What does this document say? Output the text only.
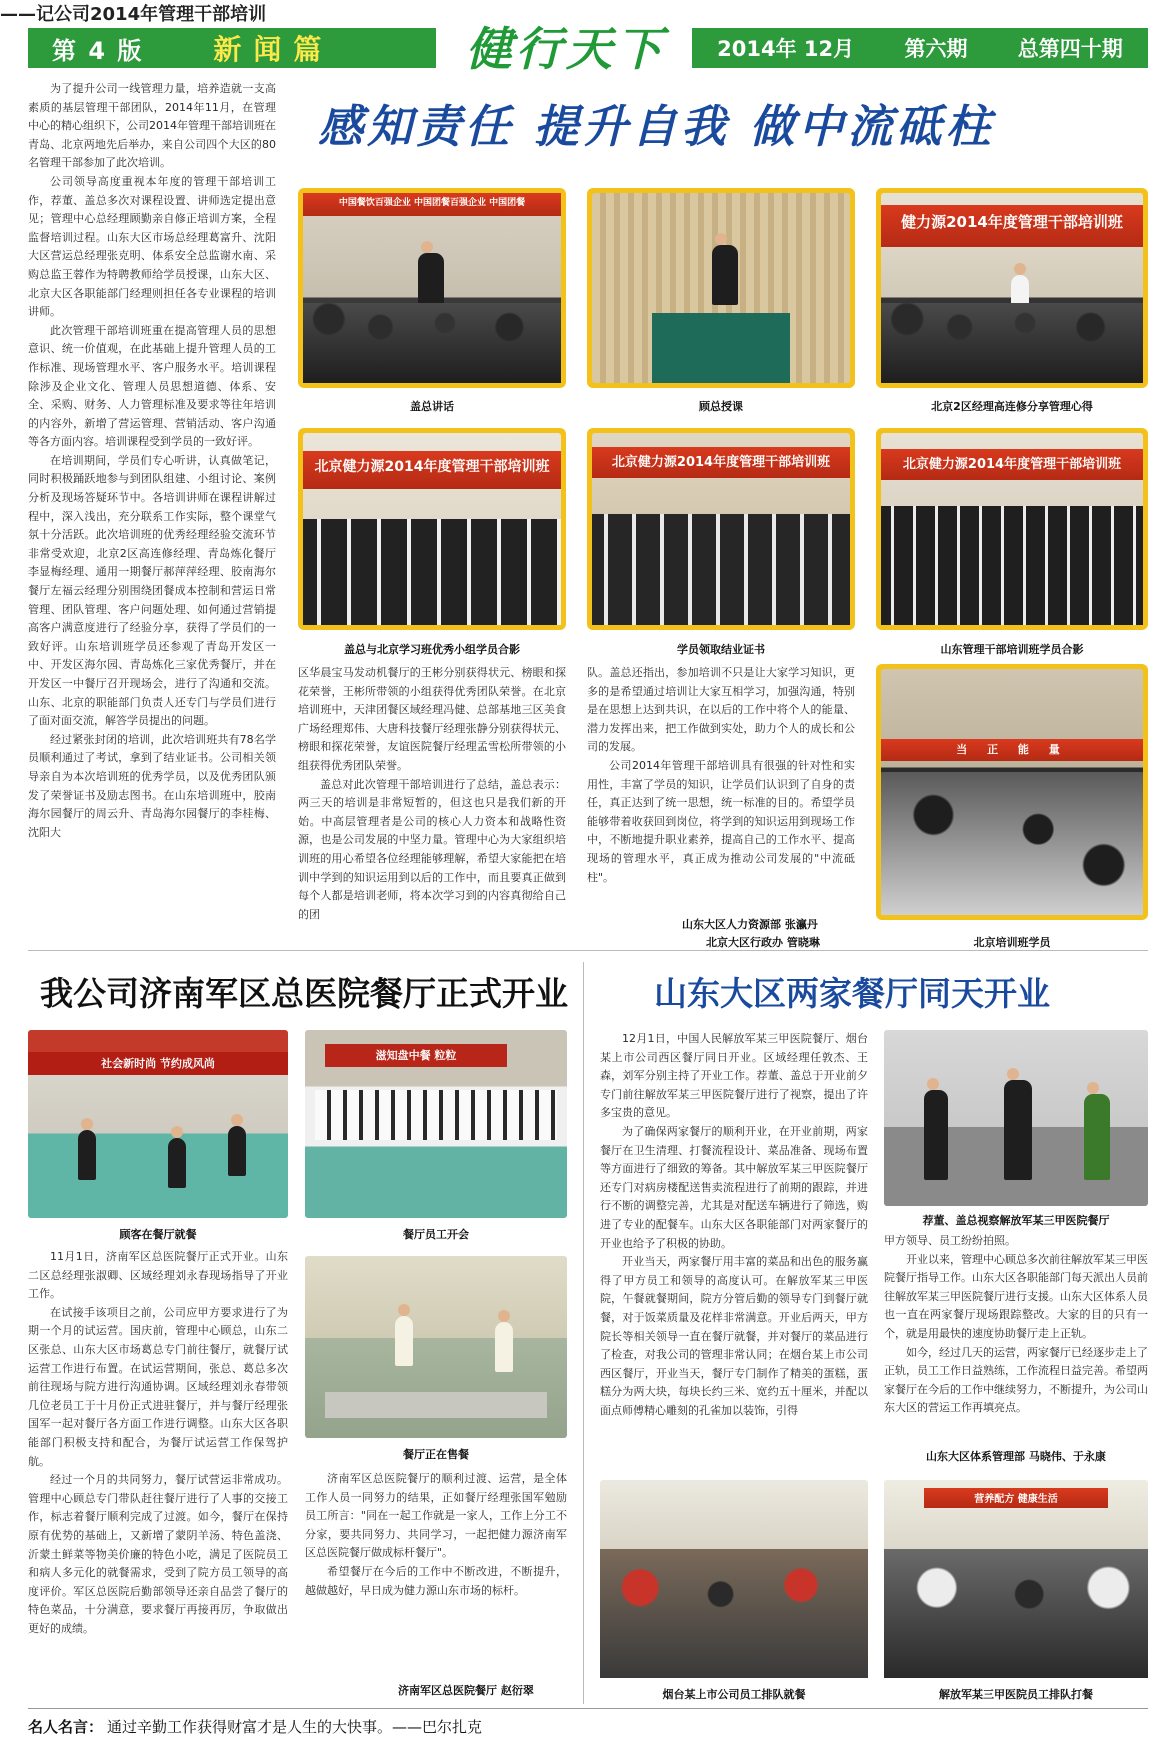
第 4 版	新闻篇	健行天下	2014年 12月 第六期 总第四十期
感知责任 提升自我 做中流砥柱
——记公司2014年管理干部培训

为了提升公司一线管理力量，培养造就一支高素质的基层管理干部团队，2014年11月，在管理中心的精心组织下，公司2014年管理干部培训班在青岛、北京两地先后举办，来自公司四个大区的80名管理干部参加了此次培训。

公司领导高度重视本年度的管理干部培训工作，荐董、盖总多次对课程设置、讲师选定提出意见；管理中心总经理顾勤亲自修正培训方案，全程监督培训过程。山东大区市场总经理葛富升、沈阳大区营运总经理张克明、体系安全总监谢水南、采购总监王蓉作为特聘教师给学员授课，山东大区、北京大区各职能部门经理则担任各专业课程的培训讲师。

此次管理干部培训班重在提高管理人员的思想意识、统一价值观，在此基础上提升管理人员的工作标准、现场管理水平、客户服务水平。培训课程除涉及企业文化、管理人员思想道德、体系、安全、采购、财务、人力管理标准及要求等往年培训的内容外，新增了营运管理、营销活动、客户沟通等各方面内容。培训课程受到学员的一致好评。

在培训期间，学员们专心听讲，认真做笔记，同时积极踊跃地参与到团队组建、小组讨论、案例分析及现场答疑环节中。各培训讲师在课程讲解过程中，深入浅出，充分联系工作实际，整个课堂气氛十分活跃。此次培训班的优秀经理经验交流环节非常受欢迎，北京2区高连修经理、青岛炼化餐厅李显梅经理、通用一期餐厅郝萍萍经理、胶南海尔餐厅左福云经理分别围绕团餐成本控制和营运日常管理、团队管理、客户问题处理、如何通过营销提高客户满意度进行了经验分享，获得了学员们的一致好评。山东培训班学员还参观了青岛开发区一中、开发区海尔园、青岛炼化三家优秀餐厅，并在开发区一中餐厅召开现场会，进行了沟通和交流。山东、北京的职能部门负责人还专门与学员们进行了面对面交流，解答学员提出的问题。

经过紧张封闭的培训，此次培训班共有78名学员顺利通过了考试，拿到了结业证书。公司相关领导亲自为本次培训班的优秀学员，以及优秀团队颁发了荣誉证书及励志图书。在山东培训班中，胶南海尔园餐厅的周云升、青岛海尔园餐厅的李桂梅、沈阳大

中国餐饮百强企业 中国团餐百强企业 中国团餐
盖总讲话	顾总授课
健力源2014年度管理干部培训班
北京2区经理高连修分享管理心得
北京健力源2014年度管理干部培训班
盖总与北京学习班优秀小组学员合影
北京健力源2014年度管理干部培训班
学员领取结业证书
北京健力源2014年度管理干部培训班
山东管理干部培训班学员合影

区华晨宝马发动机餐厅的王彬分别获得状元、榜眼和探花荣誉，王彬所带领的小组获得优秀团队荣誉。在北京培训班中，天津团餐区域经理冯健、总部基地三区美食广场经理郑伟、大唐科技餐厅经理张静分别获得状元、榜眼和探花荣誉，友谊医院餐厅经理孟雪松所带领的小组获得优秀团队荣誉。

盖总对此次管理干部培训进行了总结，盖总表示：两三天的培训是非常短暂的，但这也只是我们新的开始。中高层管理者是公司的核心人力资本和战略性资源，也是公司发展的中坚力量。管理中心为大家组织培训班的用心希望各位经理能够理解，希望大家能把在培训中学到的知识运用到以后的工作中，而且要真正做到每个人都是培训老师，将本次学习到的内容真彻给自己的团

队。盖总还指出，参加培训不只是让大家学习知识，更多的是希望通过培训让大家互相学习，加强沟通，特别是在思想上达到共识，在以后的工作中将个人的能量、潜力发挥出来，把工作做到实处，助力个人的成长和公司的发展。

公司2014年管理干部培训具有很强的针对性和实用性，丰富了学员的知识，让学员们认识到了自身的责任，真正达到了统一思想，统一标准的目的。希望学员能够带着收获回到岗位，将学到的知识运用到现场工作中，不断地提升职业素养，提高自己的工作水平、提高现场的管理水平，真正成为推动公司发展的"中流砥柱"。

山东大区人力资源部 张瀛丹
北京大区行政办 管晓琳
当 正 能 量
北京培训班学员
我公司济南军区总医院餐厅正式开业
社会新时尚 节约成风尚
顾客在餐厅就餐
滋知盘中餐 粒粒
餐厅员工开会

11月1日，济南军区总医院餐厅正式开业。山东二区总经理张淑卿、区域经理刘永春现场指导了开业工作。

在试接手该项目之前，公司应甲方要求进行了为期一个月的试运营。国庆前，管理中心顾总，山东二区张总、山东大区市场葛总专门前往餐厅，就餐厅试运营工作进行布置。在试运营期间，张总、葛总多次前往现场与院方进行沟通协调。区域经理刘永春带领几位老员工于十月份正式进驻餐厅，并与餐厅经理张国军一起对餐厅各方面工作进行调整。山东大区各职能部门积极支持和配合，为餐厅试运营工作保驾护航。

经过一个月的共同努力，餐厅试营运非常成功。管理中心顾总专门带队赶往餐厅进行了人事的交接工作，标志着餐厅顺利完成了过渡。如今，餐厅在保持原有优势的基础上，又新增了蒙阴羊汤、特色盖浇、沂蒙土鲜菜等物美价廉的特色小吃，满足了医院员工和病人多元化的就餐需求，受到了院方员工领导的高度评价。军区总医院后勤部领导还亲自品尝了餐厅的特色菜品，十分满意，要求餐厅再接再厉，争取做出更好的成绩。

餐厅正在售餐

济南军区总医院餐厅的顺利过渡、运营，是全体工作人员一同努力的结果，正如餐厅经理张国军勉励员工所言："同在一起工作就是一家人，工作上分工不分家，要共同努力、共同学习，一起把健力源济南军区总医院餐厅做成标杆餐厅"。

希望餐厅在今后的工作中不断改进，不断提升，越做越好，早日成为健力源山东市场的标杆。

济南军区总医院餐厅 赵衍翠
山东大区两家餐厅同天开业

12月1日，中国人民解放军某三甲医院餐厅、烟台某上市公司西区餐厅同日开业。区域经理任敦杰、王森，刘军分别主持了开业工作。荐董、盖总于开业前夕专门前往解放军某三甲医院餐厅进行了视察，提出了许多宝贵的意见。

为了确保两家餐厅的顺利开业，在开业前期，两家餐厅在卫生清理、打餐流程设计、菜品准备、现场布置等方面进行了细致的筹备。其中解放军某三甲医院餐厅还专门对病房楼配送售卖流程进行了前期的跟踪，并进行不断的调整完善，尤其是对配送车辆进行了筛选，购进了专业的配餐车。山东大区各职能部门对两家餐厅的开业也给予了积极的协助。

开业当天，两家餐厅用丰富的菜品和出色的服务赢得了甲方员工和领导的高度认可。在解放军某三甲医院，午餐就餐期间，院方分管后勤的领导专门到餐厅就餐，对于饭菜质量及花样非常满意。开业后两天，甲方院长等相关领导一直在餐厅就餐，并对餐厅的菜品进行了检查，对我公司的管理非常认同；在烟台某上市公司西区餐厅，开业当天，餐厅专门制作了精美的蛋糕，蛋糕分为两大块，每块长约三米、宽约五十厘米，并配以面点师傅精心雕刻的孔雀加以装饰，引得

荐董、盖总视察解放军某三甲医院餐厅

甲方领导、员工纷纷拍照。

开业以来，管理中心顾总多次前往解放军某三甲医院餐厅指导工作。山东大区各职能部门每天派出人员前往解放军某三甲医院餐厅进行支援。山东大区体系人员也一直在两家餐厅现场跟踪整改。大家的目的只有一个，就是用最快的速度协助餐厅走上正轨。

如今，经过几天的运营，两家餐厅已经逐步走上了正轨，员工工作日益熟练，工作流程日益完善。希望两家餐厅在今后的工作中继续努力，不断提升，为公司山东大区的营运工作再填亮点。

山东大区体系管理部 马晓伟、于永康
烟台某上市公司员工排队就餐
营养配方 健康生活
解放军某三甲医院员工排队打餐
名人名言： 通过辛勤工作获得财富才是人生的大快事。——巴尔扎克
